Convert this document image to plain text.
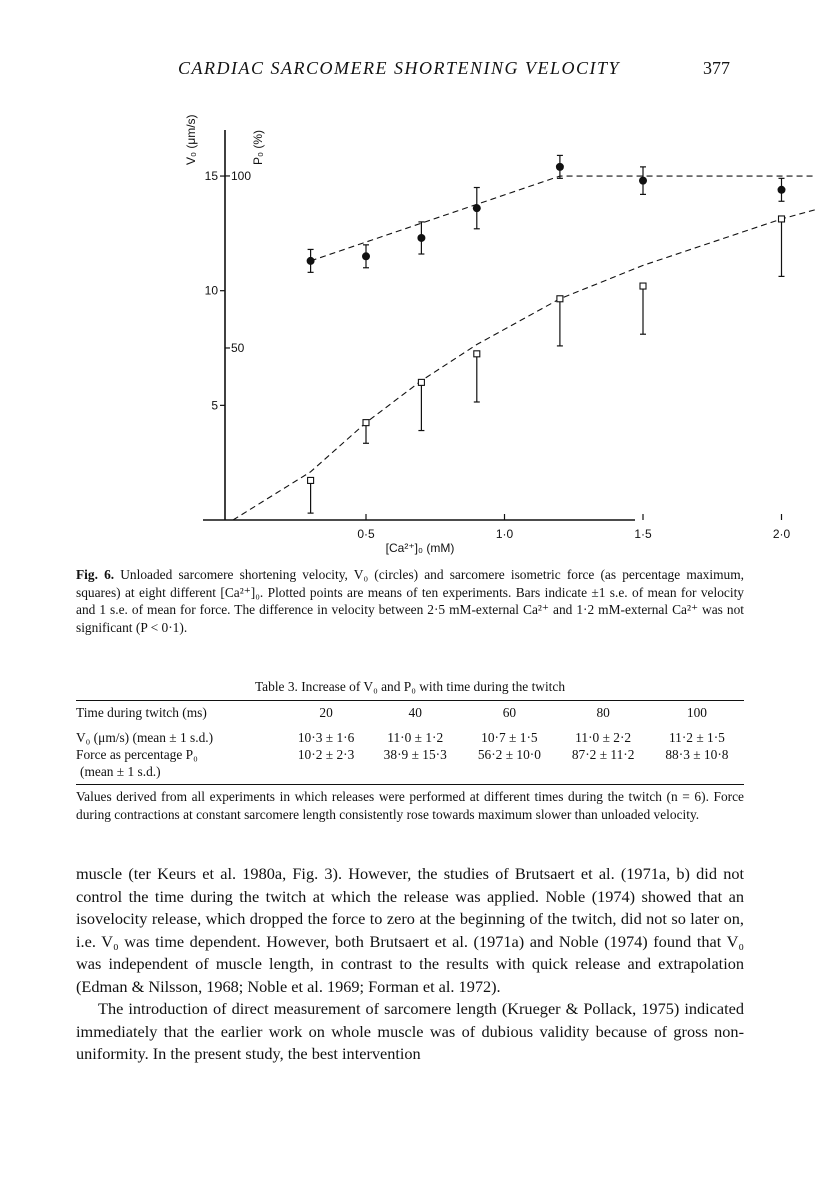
CARDIAC SARCOMERE SHORTENING VELOCITY	377
0·5	1·0	1·5	2·0
5
10
15
50
100
V₀ (μm/s)	P₀ (%)
[Ca²⁺]₀ (mM)
Fig. 6. Unloaded sarcomere shortening velocity, V₀ (circles) and sarcomere isometric force (as percentage maximum, squares) at eight different [Ca²⁺]₀. Plotted points are means of ten experiments. Bars indicate ±1 s.e. of mean for velocity and 1 s.e. of mean for force. The difference in velocity between 2·5 mM-external Ca²⁺ and 1·2 mM-external Ca²⁺ was not significant (P < 0·1).
Table 3. Increase of V₀ and P₀ with time during the twitch
Time during twitch (ms)	20	40	60	80	100
V₀ (μm/s) (mean ± 1 s.d.)	10·3 ± 1·6	11·0 ± 1·2	10·7 ± 1·5	11·0 ± 2·2	11·2 ± 1·5
Force as percentage P₀	10·2 ± 2·3	38·9 ± 15·3	56·2 ± 10·0	87·2 ± 11·2	88·3 ± 10·8
(mean ± 1 s.d.)					
Values derived from all experiments in which releases were performed at different times during the twitch (n = 6). Force during contractions at constant sarcomere length consistently rose towards maximum slower than unloaded velocity.

muscle (ter Keurs et al. 1980a, Fig. 3). However, the studies of Brutsaert et al. (1971a, b) did not control the time during the twitch at which the release was applied. Noble (1974) showed that an isovelocity release, which dropped the force to zero at the beginning of the twitch, did not so later on, i.e. V₀ was time dependent. However, both Brutsaert et al. (1971a) and Noble (1974) found that V₀ was independent of muscle length, in contrast to the results with quick release and extrapolation (Edman & Nilsson, 1968; Noble et al. 1969; Forman et al. 1972).

The introduction of direct measurement of sarcomere length (Krueger & Pollack, 1975) indicated immediately that the earlier work on whole muscle was of dubious validity because of gross non-uniformity. In the present study, the best intervention
